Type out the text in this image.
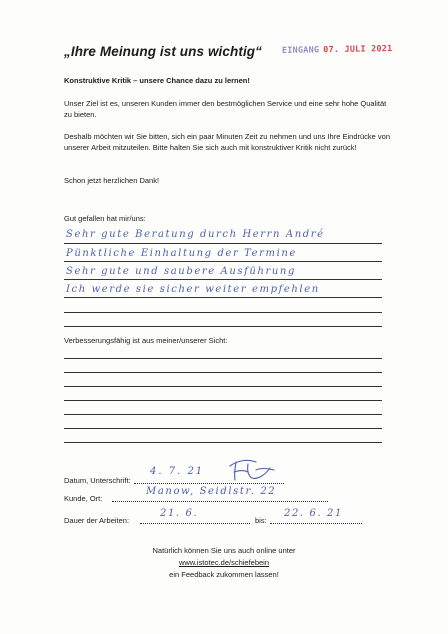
„Ihre Meinung ist uns wichtig“ EINGANG 07. JULI 2021
Konstruktive Kritik – unsere Chance dazu zu lernen!
Unser Ziel ist es, unseren Kunden immer den bestmöglichen Service und eine sehr hohe Qualität zu bieten.
Deshalb möchten wir Sie bitten, sich ein paar Minuten Zeit zu nehmen und uns Ihre Eindrücke von unserer Arbeit mitzuteilen. Bitte halten Sie sich auch mit konstruktiver Kritik nicht zurück!
Schon jetzt herzlichen Dank!
Gut gefallen hat mir/uns:
Sehr gute Beratung durch Herrn André
Pünktliche Einhaltung der Termine
Sehr gute und saubere Ausführung
Ich werde sie sicher weiter empfehlen
Verbesserungsfähig ist aus meiner/unserer Sicht:
Datum, Unterschrift:
4. 7. 21
Kunde, Ort:
Manow, Seidlstr. 22
Dauer der Arbeiten:
21. 6.
bis:
22. 6. 21
Natürlich können Sie uns auch online unter
www.istotec.de/schiefebein
ein Feedback zukommen lassen!
